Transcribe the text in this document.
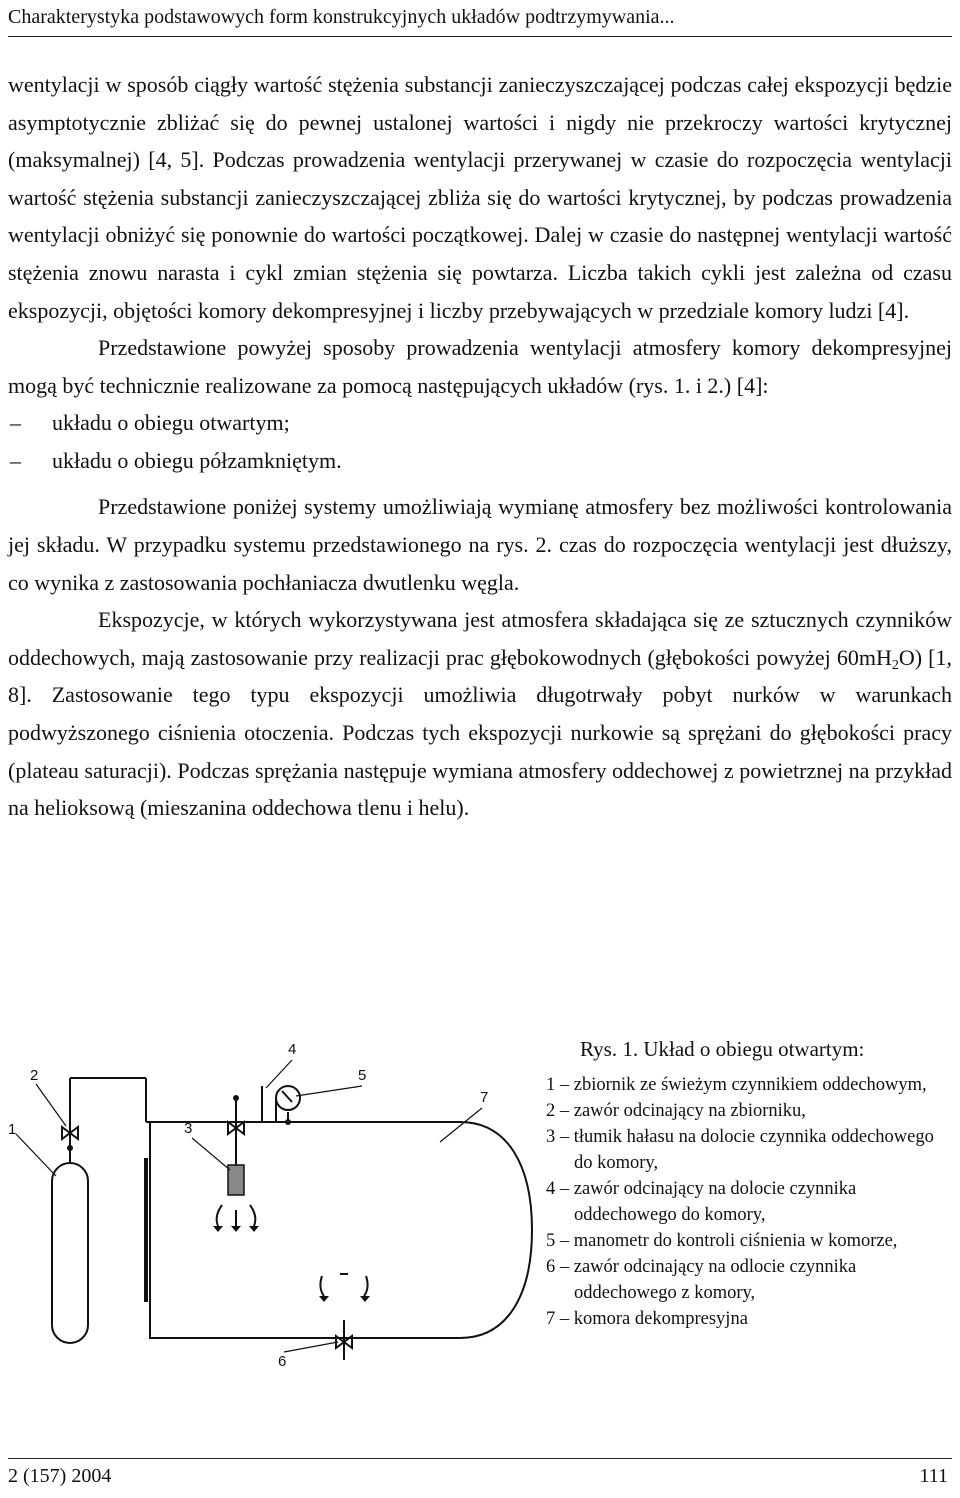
Charakterystyka podstawowych form konstrukcyjnych układów podtrzymywania...

wentylacji w sposób ciągły wartość stężenia substancji zanieczyszczającej podczas całej ekspozycji będzie asymptotycznie zbliżać się do pewnej ustalonej wartości i nigdy nie przekroczy wartości krytycznej (maksymalnej) [4, 5]. Podczas prowadzenia wentylacji przerywanej w czasie do rozpoczęcia wentylacji wartość stężenia substancji zanieczyszczającej zbliża się do wartości krytycznej, by podczas prowadzenia wentylacji obniżyć się ponownie do wartości początkowej. Dalej w czasie do następnej wentylacji wartość stężenia znowu narasta i cykl zmian stężenia się powtarza. Liczba takich cykli jest zależna od czasu ekspozycji, objętości komory dekompresyjnej i liczby przebywających w przedziale komory ludzi [4].

Przedstawione powyżej sposoby prowadzenia wentylacji atmosfery komory dekompresyjnej mogą być technicznie realizowane za pomocą następujących układów (rys. 1. i 2.) [4]:

– układu o obiegu otwartym;
– układu o obiegu półzamkniętym.

Przedstawione poniżej systemy umożliwiają wymianę atmosfery bez możliwości kontrolowania jej składu. W przypadku systemu przedstawionego na rys. 2. czas do rozpoczęcia wentylacji jest dłuższy, co wynika z zastosowania pochłaniacza dwutlenku węgla.

Ekspozycje, w których wykorzystywana jest atmosfera składająca się ze sztucznych czynników oddechowych, mają zastosowanie przy realizacji prac głębokowodnych (głębokości powyżej $60mH_2O$) [1, 8]. Zastosowanie tego typu ekspozycji umożliwia długotrwały pobyt nurków w warunkach podwyższonego ciśnienia otoczenia. Podczas tych ekspozycji nurkowie są sprężani do głębokości pracy (plateau saturacji). Podczas sprężania następuje wymiana atmosfery oddechowej z powietrznej na przykład na helioksową (mieszanina oddechowa tlenu i helu).

1
2
3
4
5
6
7
Rys. 1. Układ o obiegu otwartym:
1 – zbiornik ze świeżym czynnikiem oddechowym,
2 – zawór odcinający na zbiorniku,
3 – tłumik hałasu na dolocie czynnika oddechowego do komory,
4 – zawór odcinający na dolocie czynnika oddechowego do komory,
5 – manometr do kontroli ciśnienia w komorze,
6 – zawór odcinający na odlocie czynnika oddechowego z komory,
7 – komora dekompresyjna
2 (157) 2004	111
